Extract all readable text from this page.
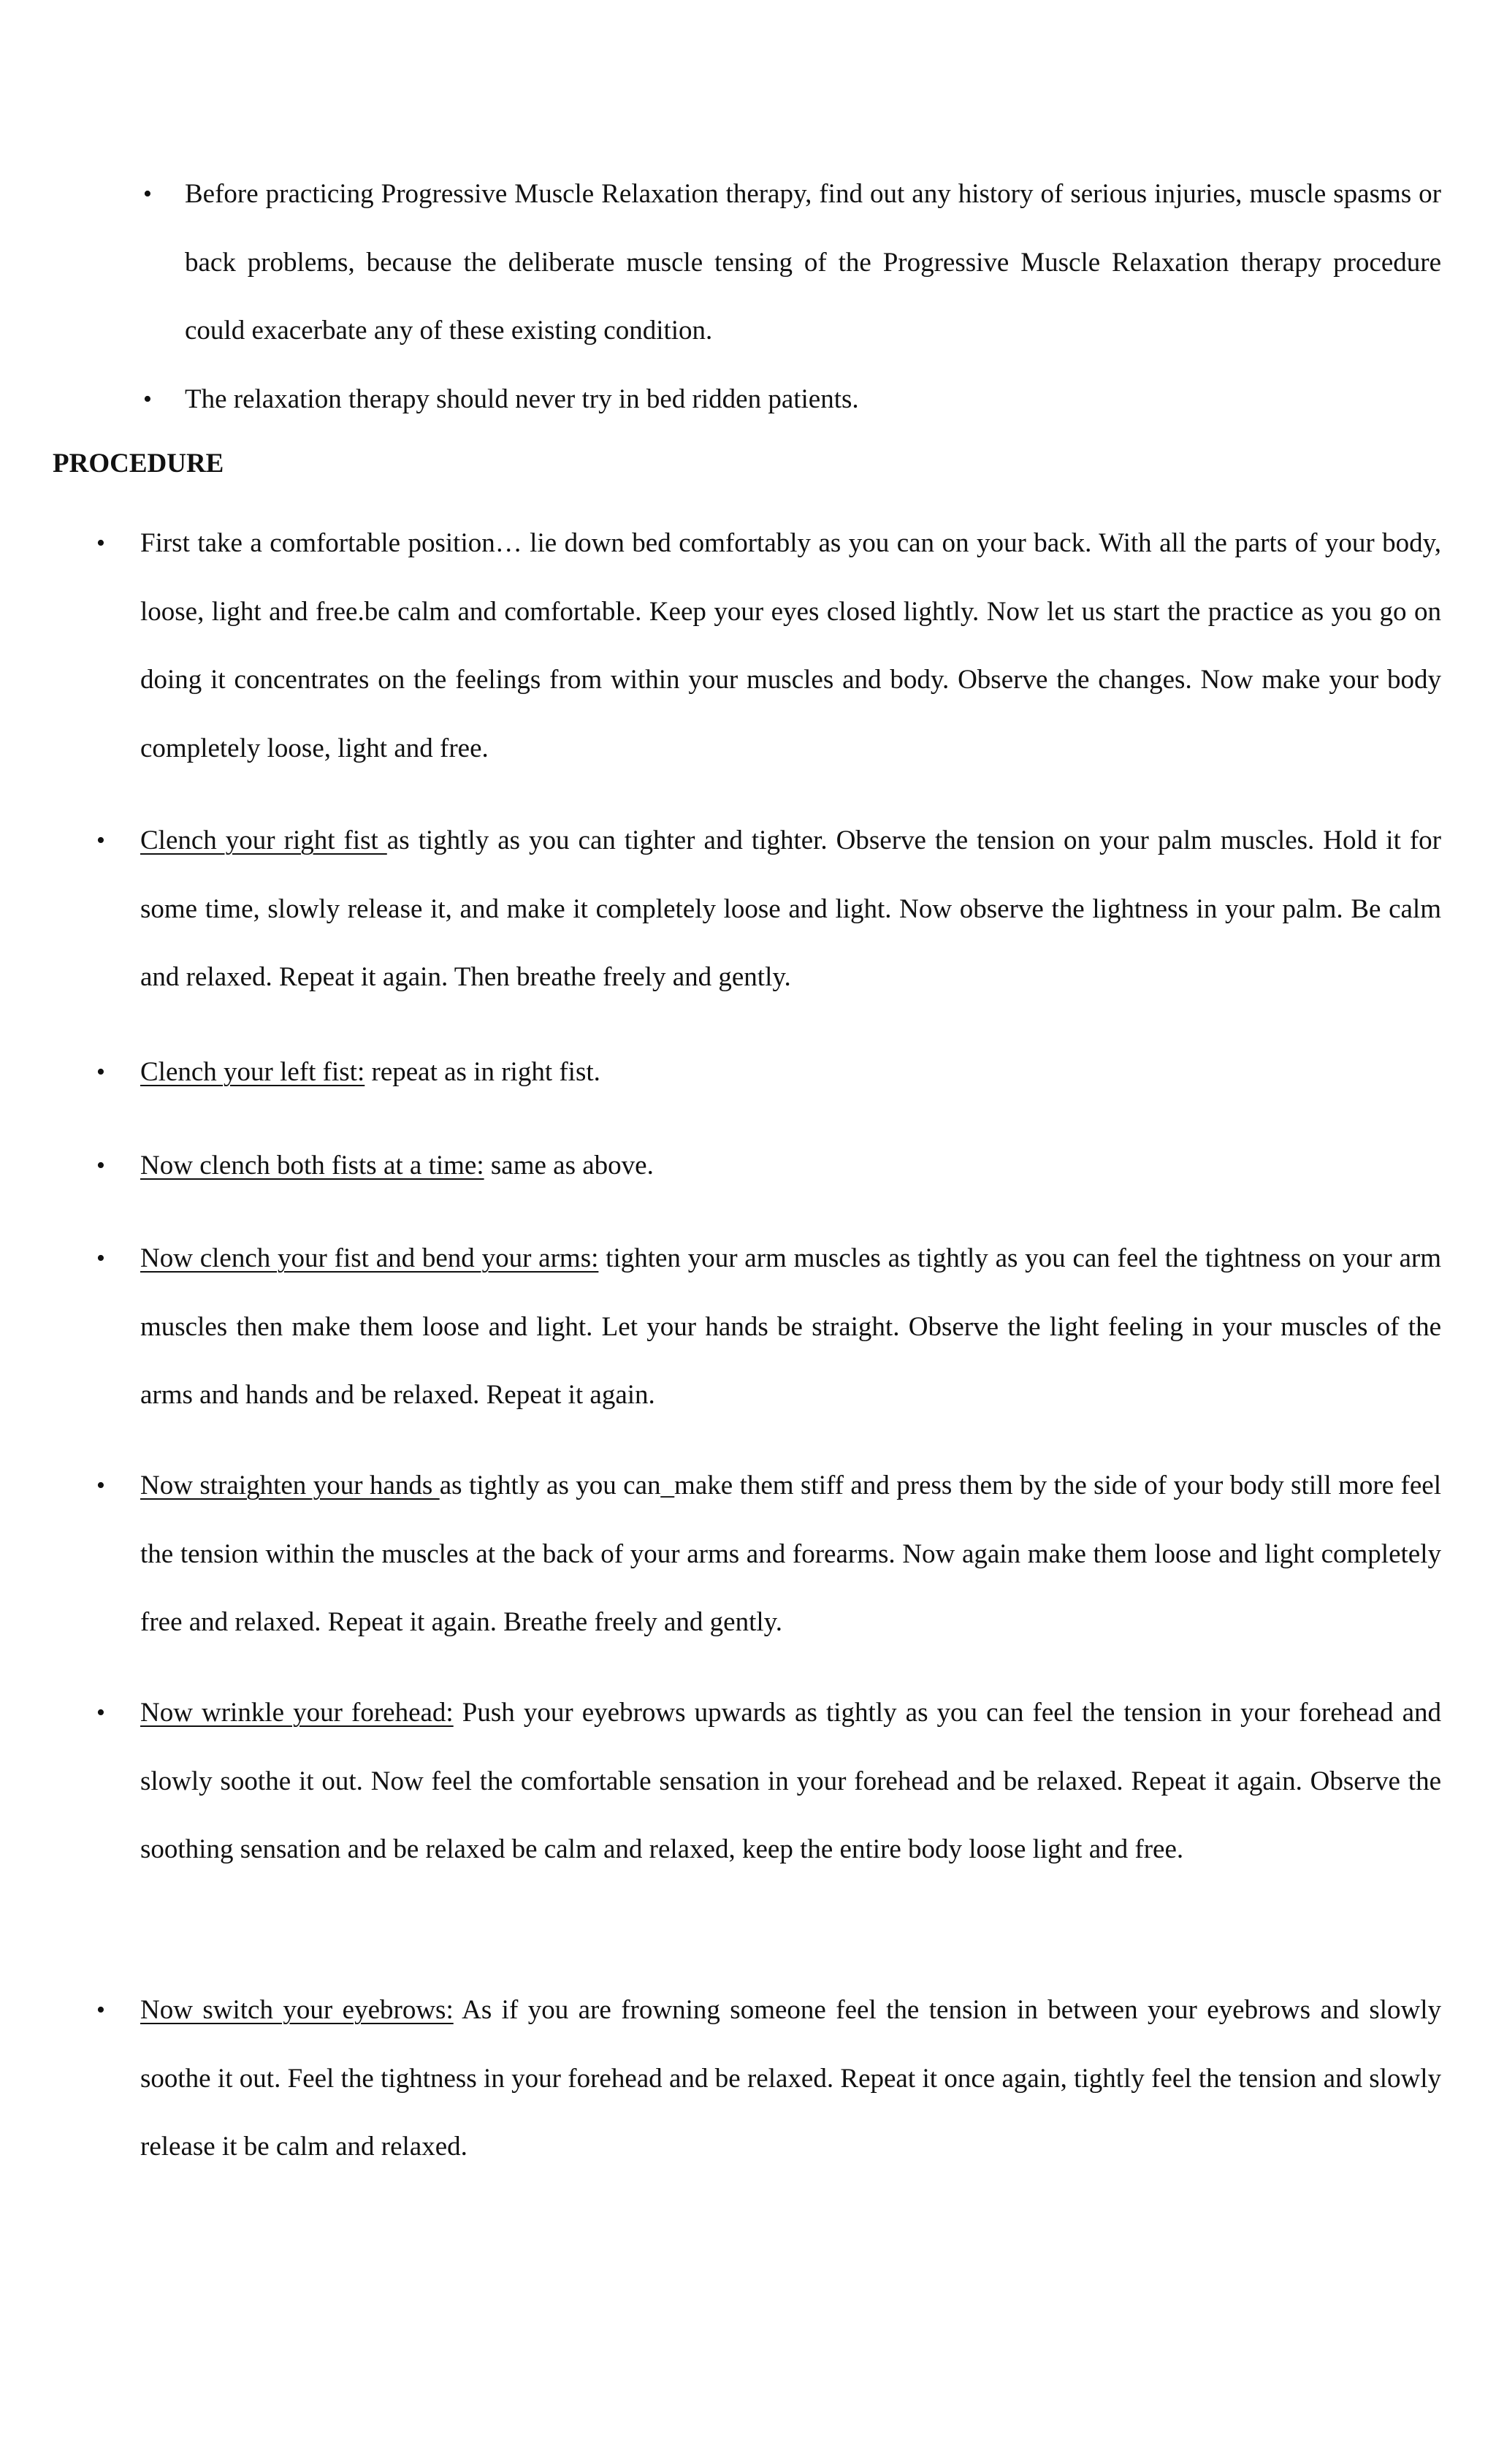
• Before practicing Progressive Muscle Relaxation therapy, find out any history of serious injuries, muscle spasms or back problems, because the deliberate muscle tensing of the Progressive Muscle Relaxation therapy procedure could exacerbate any of these existing condition.

• The relaxation therapy should never try in bed ridden patients.

PROCEDURE

• First take a comfortable position… lie down bed comfortably as you can on your back. With all the parts of your body, loose, light and free.be calm and comfortable. Keep your eyes closed lightly. Now let us start the practice as you go on doing it concentrates on the feelings from within your muscles and body. Observe the changes. Now make your body completely loose, light and free.

• Clench your right fist as tightly as you can tighter and tighter. Observe the tension on your palm muscles. Hold it for some time, slowly release it, and make it completely loose and light. Now observe the lightness in your palm. Be calm and relaxed. Repeat it again. Then breathe freely and gently.

• Clench your left fist: repeat as in right fist.

• Now clench both fists at a time: same as above.

• Now clench your fist and bend your arms: tighten your arm muscles as tightly as you can feel the tightness on your arm muscles then make them loose and light. Let your hands be straight. Observe the light feeling in your muscles of the arms and hands and be relaxed. Repeat it again.

• Now straighten your hands as tightly as you can_make them stiff and press them by the side of your body still more feel the tension within the muscles at the back of your arms and forearms. Now again make them loose and light completely free and relaxed. Repeat it again. Breathe freely and gently.

• Now wrinkle your forehead: Push your eyebrows upwards as tightly as you can feel the tension in your forehead and slowly soothe it out. Now feel the comfortable sensation in your forehead and be relaxed. Repeat it again. Observe the soothing sensation and be relaxed be calm and relaxed, keep the entire body loose light and free.

• Now switch your eyebrows: As if you are frowning someone feel the tension in between your eyebrows and slowly soothe it out. Feel the tightness in your forehead and be relaxed. Repeat it once again, tightly feel the tension and slowly release it be calm and relaxed.
